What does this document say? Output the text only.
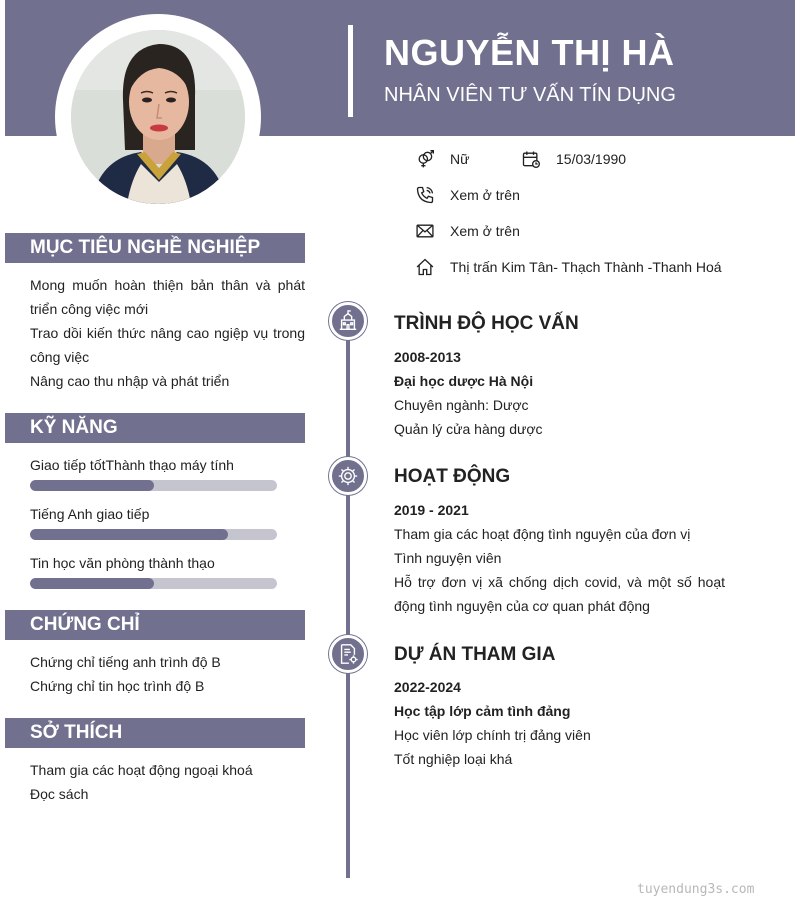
NGUYỄN THỊ HÀ
NHÂN VIÊN TƯ VẤN TÍN DỤNG
Nữ	15/03/1990
Xem ở trên
Xem ở trên
Thị trấn Kim Tân- Thạch Thành -Thanh Hoá
MỤC TIÊU NGHỀ NGHIỆP
Mong muốn hoàn thiện bản thân và phát triển công việc mới
Trao dồi kiến thức nâng cao ngiệp vụ trong công việc
Nâng cao thu nhập và phát triển
KỸ NĂNG
Giao tiếp tốtThành thạo máy tính
Tiếng Anh giao tiếp
Tin học văn phòng thành thạo
CHỨNG CHỈ
Chứng chỉ tiếng anh trình độ B
Chứng chỉ tin học trình độ B
SỞ THÍCH
Tham gia các hoạt động ngoại khoá
Đọc sách
TRÌNH ĐỘ HỌC VẤN
2008-2013
Đại học dược Hà Nội
Chuyên ngành: Dược
Quản lý cửa hàng dược
HOẠT ĐỘNG
2019 - 2021
Tham gia các hoạt động tình nguyện của đơn vị
Tình nguyện viên
Hỗ trợ đơn vị xã chống dịch covid, và một số hoạt động tình nguyện của cơ quan phát động
DỰ ÁN THAM GIA
2022-2024
Học tập lớp cảm tình đảng
Học viên lớp chính trị đảng viên
Tốt nghiệp loại khá
tuyendung3s.com
